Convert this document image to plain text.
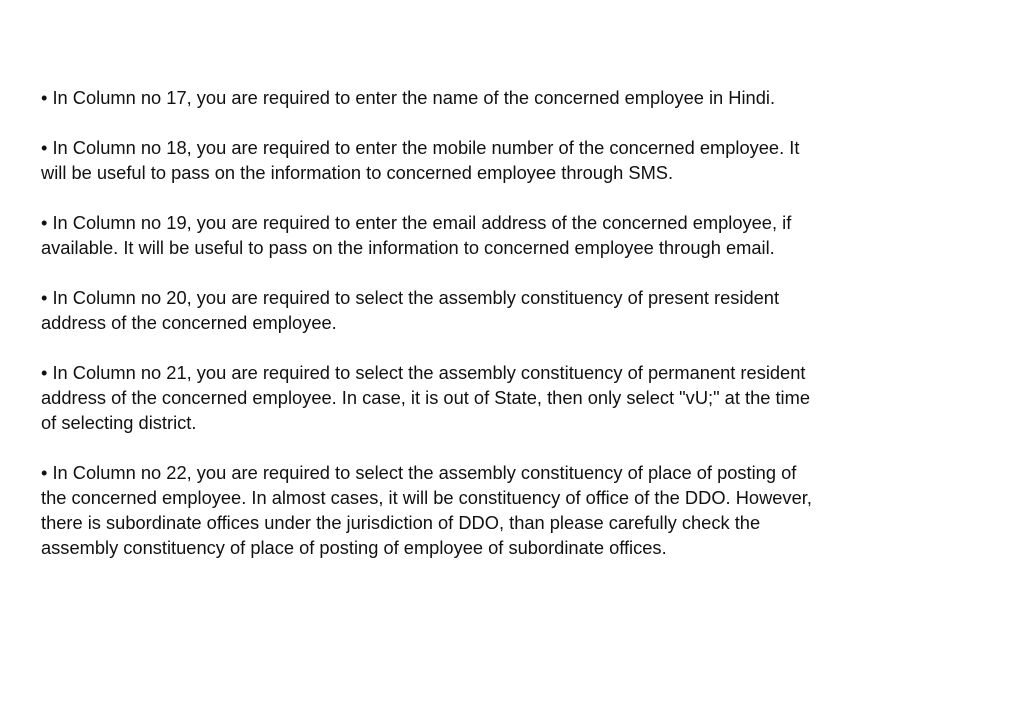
• In Column no 17, you are required to enter the name of the concerned employee in Hindi.

• In Column no 18, you are required to enter the mobile number of the concerned employee. It
will be useful to pass on the information to concerned employee through SMS.

• In Column no 19, you are required to enter the email address of the concerned employee, if
available. It will be useful to pass on the information to concerned employee through email.

• In Column no 20, you are required to select the assembly constituency of present resident
address of the concerned employee.

• In Column no 21, you are required to select the assembly constituency of permanent resident
address of the concerned employee. In case, it is out of State, then only select "vU;" at the time
of selecting district.

• In Column no 22, you are required to select the assembly constituency of place of posting of
the concerned employee. In almost cases, it will be constituency of office of the DDO. However,
there is subordinate offices under the jurisdiction of DDO, than please carefully check the
assembly constituency of place of posting of employee of subordinate offices.
